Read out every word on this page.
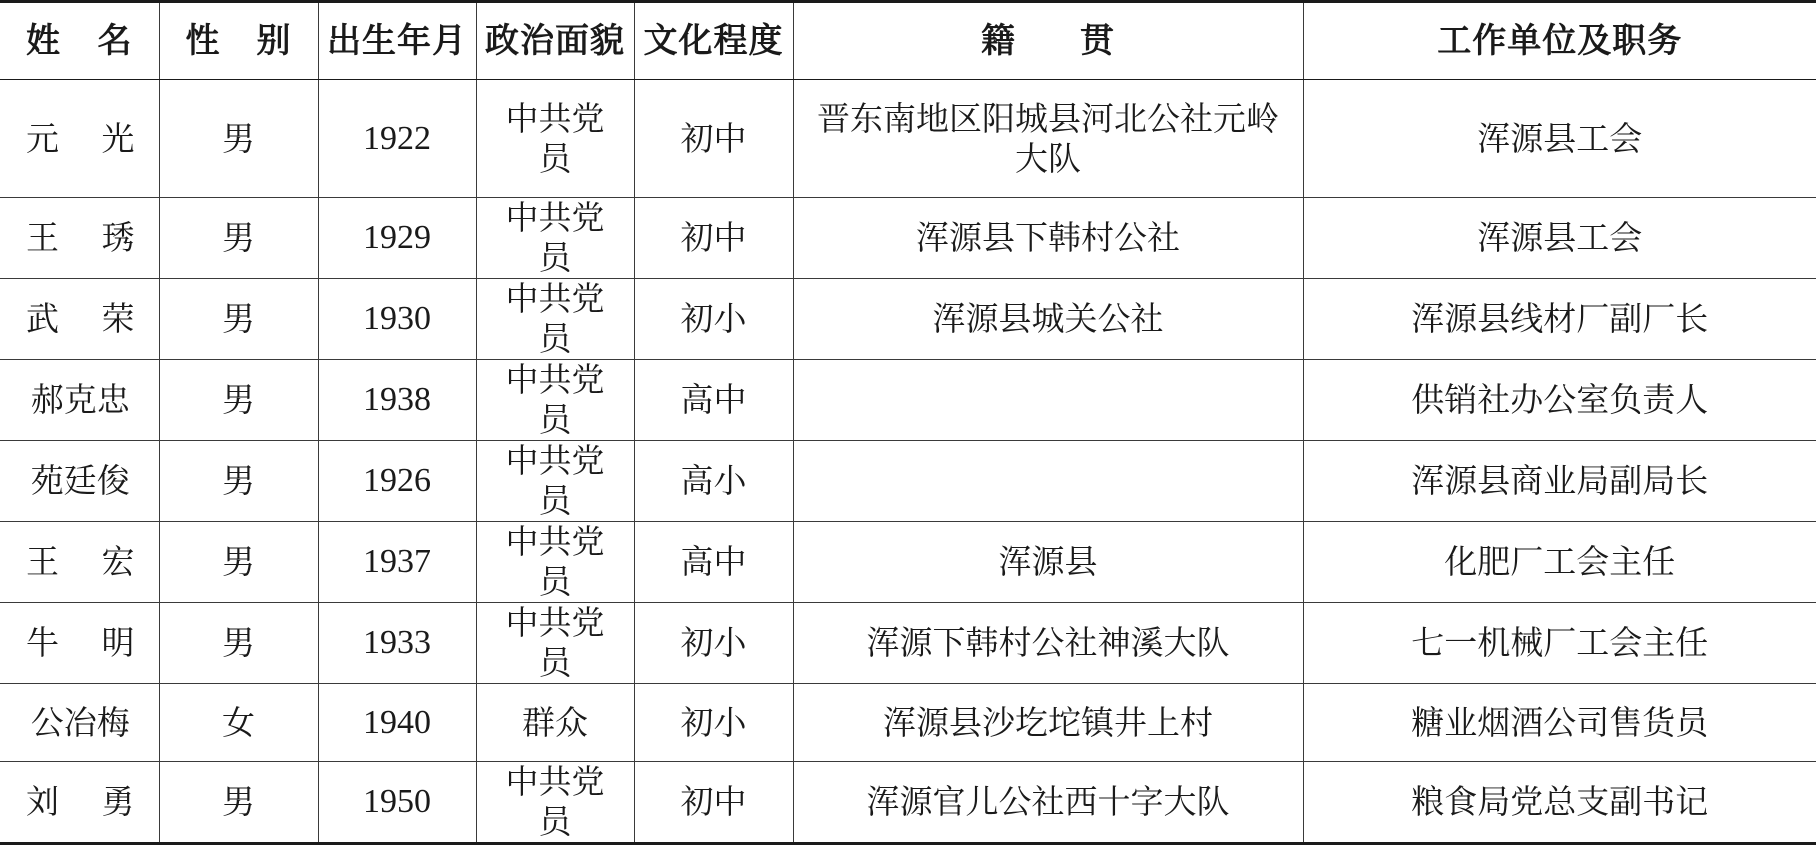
姓 名	性 别	出生年月	政治面貌	文化程度	籍 贯	工作单位及职务

元 光	男	1922	中共党员	初中	晋东南地区阳城县河北公社元岭大队	浑源县工会

王 琇	男	1929	中共党员	初中	浑源县下韩村公社	浑源县工会

武 荣	男	1930	中共党员	初小	浑源县城关公社	浑源县线材厂副厂长

郝克忠	男	1938	中共党员	高中		供销社办公室负责人

苑廷俊	男	1926	中共党员	高小		浑源县商业局副局长

王 宏	男	1937	中共党员	高中	浑源县	化肥厂工会主任

牛 明	男	1933	中共党员	初小	浑源下韩村公社神溪大队	七一机械厂工会主任

公冶梅	女	1940	群众	初小	浑源县沙圪坨镇井上村	糖业烟酒公司售货员

刘 勇	男	1950	中共党员	初中	浑源官儿公社西十字大队	粮食局党总支副书记
